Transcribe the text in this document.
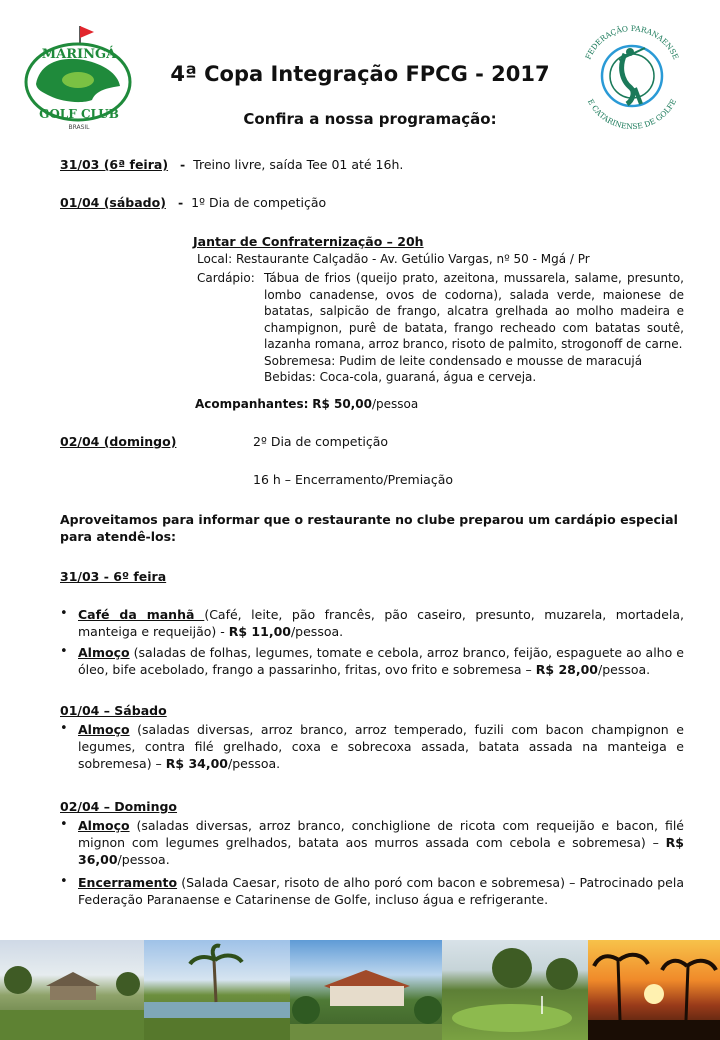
MARINGÁ
GOLF CLUB
BRASIL
FEDERAÇÃO PARANAENSE
E CATARINENSE DE GOLFE
4ª Copa Integração FPCG - 2017
Confira a nossa programação:
31/03 (6ª feira) - Treino livre, saída Tee 01 até 16h.
01/04 (sábado) - 1º Dia de competição
Jantar de Confraternização – 20h
Local: Restaurante Calçadão - Av. Getúlio Vargas, nº 50 - Mgá / Pr
Cardápio: Tábua de frios (queijo prato, azeitona, mussarela, salame, presunto,
lombo canadense, ovos de codorna), salada verde, maionese de
batatas, salpicão de frango, alcatra grelhada ao molho madeira e
champignon, purê de batata, frango recheado com batatas soutê,
lazanha romana, arroz branco, risoto de palmito, strogonoff de carne.
Sobremesa: Pudim de leite condensado e mousse de maracujá
Bebidas: Coca-cola, guaraná, água e cerveja.
Acompanhantes: R$ 50,00/pessoa
02/04 (domingo)	2º Dia de competição
16 h – Encerramento/Premiação
Aproveitamos para informar que o restaurante no clube preparou um cardápio especial para atendê-los:
31/03 - 6º feira
• Café da manhã (Café, leite, pão francês, pão caseiro, presunto, muzarela, mortadela, manteiga e requeijão) - R$ 11,00/pessoa.
• Almoço (saladas de folhas, legumes, tomate e cebola, arroz branco, feijão, espaguete ao alho e óleo, bife acebolado, frango a passarinho, fritas, ovo frito e sobremesa – R$ 28,00/pessoa.
01/04 – Sábado
• Almoço (saladas diversas, arroz branco, arroz temperado, fuzili com bacon champignon e legumes, contra filé grelhado, coxa e sobrecoxa assada, batata assada na manteiga e sobremesa) – R$ 34,00/pessoa.
02/04 – Domingo
• Almoço (saladas diversas, arroz branco, conchiglione de ricota com requeijão e bacon, filé mignon com legumes grelhados, batata aos murros assada com cebola e sobremesa) – R$ 36,00/pessoa.
• Encerramento (Salada Caesar, risoto de alho poró com bacon e sobremesa) – Patrocinado pela Federação Paranaense e Catarinense de Golfe, incluso água e refrigerante.
